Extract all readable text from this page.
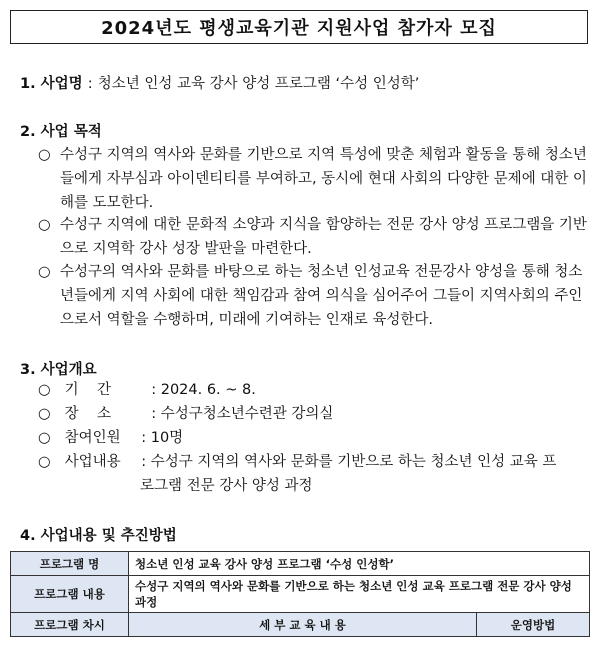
2024년도 평생교육기관 지원사업 참가자 모집
1. 사업명 : 청소년 인성 교육 강사 양성 프로그램 ‘수성 인성학’
2. 사업 목적
○ 수성구 지역의 역사와 문화를 기반으로 지역 특성에 맞춘 체험과 활동을 통해 청소년들에게 자부심과 아이덴티티를 부여하고, 동시에 현대 사회의 다양한 문제에 대한 이해를 도모한다.
○ 수성구 지역에 대한 문화적 소양과 지식을 함양하는 전문 강사 양성 프로그램을 기반으로 지역학 강사 성장 발판을 마련한다.
○ 수성구의 역사와 문화를 바탕으로 하는 청소년 인성교육 전문강사 양성을 통해 청소년들에게 지역 사회에 대한 책임감과 참여 의식을 심어주어 그들이 지역사회의 주인으로서 역할을 수행하며, 미래에 기여하는 인재로 육성한다.
3. 사업개요
○ 기    간	: 2024. 6. ~ 8.
○ 장    소	: 수성구청소년수련관 강의실
○ 참여인원 : 10명
○ 사업내용 : 수성구 지역의 역사와 문화를 기반으로 하는 청소년 인성 교육 프
로그램 전문 강사 양성 과정
4. 사업내용 및 추진방법
프로그램 명	청소년 인성 교육 강사 양성 프로그램 ‘수성 인성학’	
프로그램 내용	수성구 지역의 역사와 문화를 기반으로 하는 청소년 인성 교육 프로그램 전문 강사 양성 과정	
프로그램 차시	세 부 교 육 내 용	운영방법
